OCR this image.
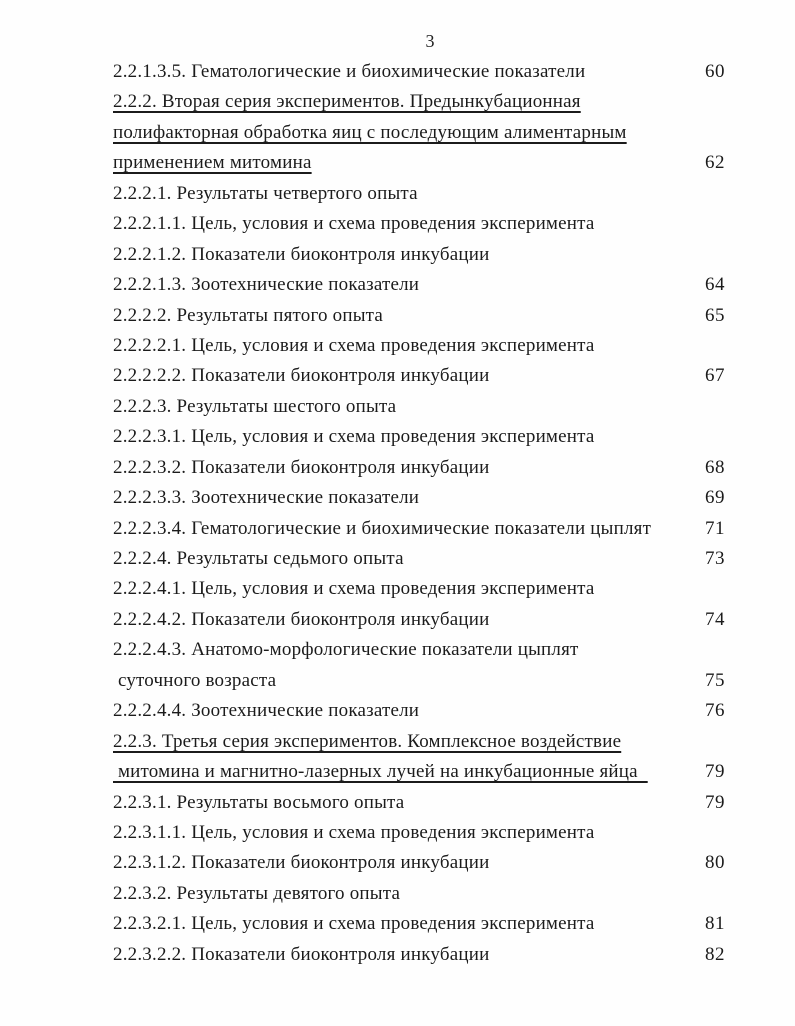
3
2.2.1.3.5. Гематологические и биохимические показатели	60
2.2.2. Вторая серия экспериментов. Предынкубационная
полифакторная обработка яиц с последующим алиментарным
применением митомина	62
2.2.2.1. Результаты четвертого опыта
2.2.2.1.1. Цель, условия и схема проведения эксперимента
2.2.2.1.2. Показатели биоконтроля инкубации
2.2.2.1.3. Зоотехнические показатели	64
2.2.2.2. Результаты пятого опыта	65
2.2.2.2.1. Цель, условия и схема проведения эксперимента
2.2.2.2.2. Показатели биоконтроля инкубации	67
2.2.2.3. Результаты шестого опыта
2.2.2.3.1. Цель, условия и схема проведения эксперимента
2.2.2.3.2. Показатели биоконтроля инкубации	68
2.2.2.3.3. Зоотехнические показатели	69
2.2.2.3.4. Гематологические и биохимические показатели цыплят	71
2.2.2.4. Результаты седьмого опыта	73
2.2.2.4.1. Цель, условия и схема проведения эксперимента
2.2.2.4.2. Показатели биоконтроля инкубации	74
2.2.2.4.3. Анатомо-морфологические показатели цыплят
суточного возраста	75
2.2.2.4.4. Зоотехнические показатели	76
2.2.3. Третья серия экспериментов. Комплексное воздействие
митомина и магнитно-лазерных лучей на инкубационные яйца	79
2.2.3.1. Результаты восьмого опыта	79
2.2.3.1.1. Цель, условия и схема проведения эксперимента
2.2.3.1.2. Показатели биоконтроля инкубации	80
2.2.3.2. Результаты девятого опыта
2.2.3.2.1. Цель, условия и схема проведения эксперимента	81
2.2.3.2.2. Показатели биоконтроля инкубации	82
